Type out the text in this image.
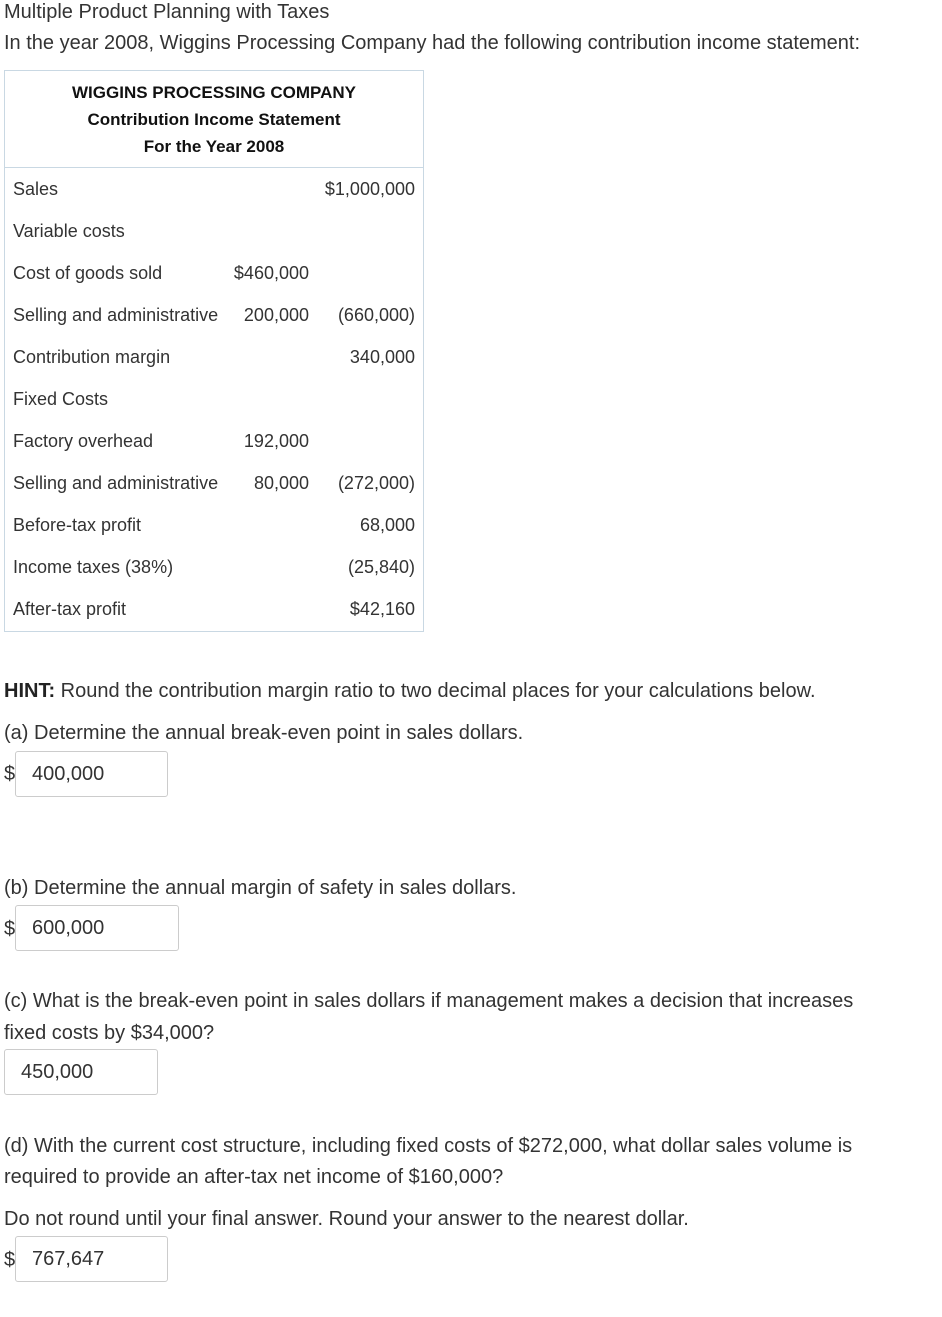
Multiple Product Planning with Taxes
In the year 2008, Wiggins Processing Company had the following contribution income statement:
WIGGINS PROCESSING COMPANY
Contribution Income Statement
For the Year 2008
Sales	$1,000,000
Variable costs
Cost of goods sold	$460,000
Selling and administrative 200,000 (660,000)
Contribution margin	340,000
Fixed Costs
Factory overhead	192,000
Selling and administrative 80,000 (272,000)
Before-tax profit	68,000
Income taxes (38%)	(25,840)
After-tax profit	$42,160
HINT: Round the contribution margin ratio to two decimal places for your calculations below.
(a) Determine the annual break-even point in sales dollars.
$ 400,000
(b) Determine the annual margin of safety in sales dollars.
$ 600,000
(c) What is the break-even point in sales dollars if management makes a decision that increases
fixed costs by $34,000?
450,000
(d) With the current cost structure, including fixed costs of $272,000, what dollar sales volume is
required to provide an after-tax net income of $160,000?
Do not round until your final answer. Round your answer to the nearest dollar.
$ 767,647
